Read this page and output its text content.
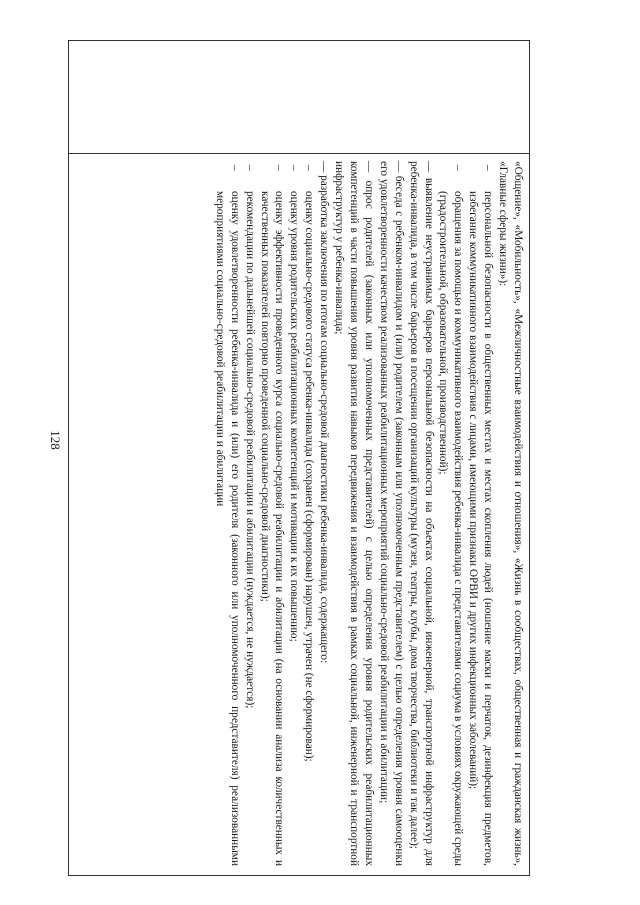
128	«Общение», «Мобильность», «Межличностные взаимодействия и отношения», «Жизнь в сообществах, общественная и гражданская жизнь», «Главные сферы жизни»):

–
персональной безопасности в общественных местах и местах скопления людей (ношение маски и перчаток, дезинфекция предметов, избегание коммуникативного взаимодействия с лицами, имеющими признаки ОРВИ и других инфекционных заболеваний);
–
обращения за помощью и коммуникативного взаимодействия ребенка-инвалида с представителями социума в условиях окружающей среды (градостроительной, образовательной, производственной);

— выявление неустранимых барьеров персональной безопасности на объектах социальной, инженерной, транспортной инфраструктур для ребенка-инвалида, в том числе барьеров в посещении организаций культуры (музеи, театры, клубы, дома творчества, библиотеки и так далее);

— беседа с ребенком-инвалидом и (или) родителем (законным или уполномоченным представителем) с целью определения уровня самооценки его удовлетворенности качеством реализованных реабилитационных мероприятий социально-средовой реабилитации и абилитации;

— опрос родителей (законных или уполномоченных представителей) с целью определения уровня родительских реабилитационных компетенций в части повышения уровня развития навыков передвижения и взаимодействия в рамках социальной, инженерной и транспортной инфраструктур у ребенка-инвалида;

— разработка заключения по итогам социально-средовой диагностики ребенка-инвалида, содержащего:

–
оценку социально-средового статуса ребенка-инвалида (сохранен (сформирован) нарушен, утрачен (не сформирован);
–
оценку уровня родительских реабилитационных компетенций и мотивации к их повышению;
–
оценку эффективности проведенного курса социально-средовой реабилитации и абилитации (на основании анализа количественных и качественных показателей повторно проведенной социально-средовой диагностики);
–
рекомендации по дальнейшей социально-средовой реабилитации и абилитации (нуждается, не нуждается);
–
оценку удовлетворенности ребенка-инвалида и (или) его родителя (законного или уполномоченного представителя) реализованными мероприятиями социально-средовой реабилитации и абилитации
